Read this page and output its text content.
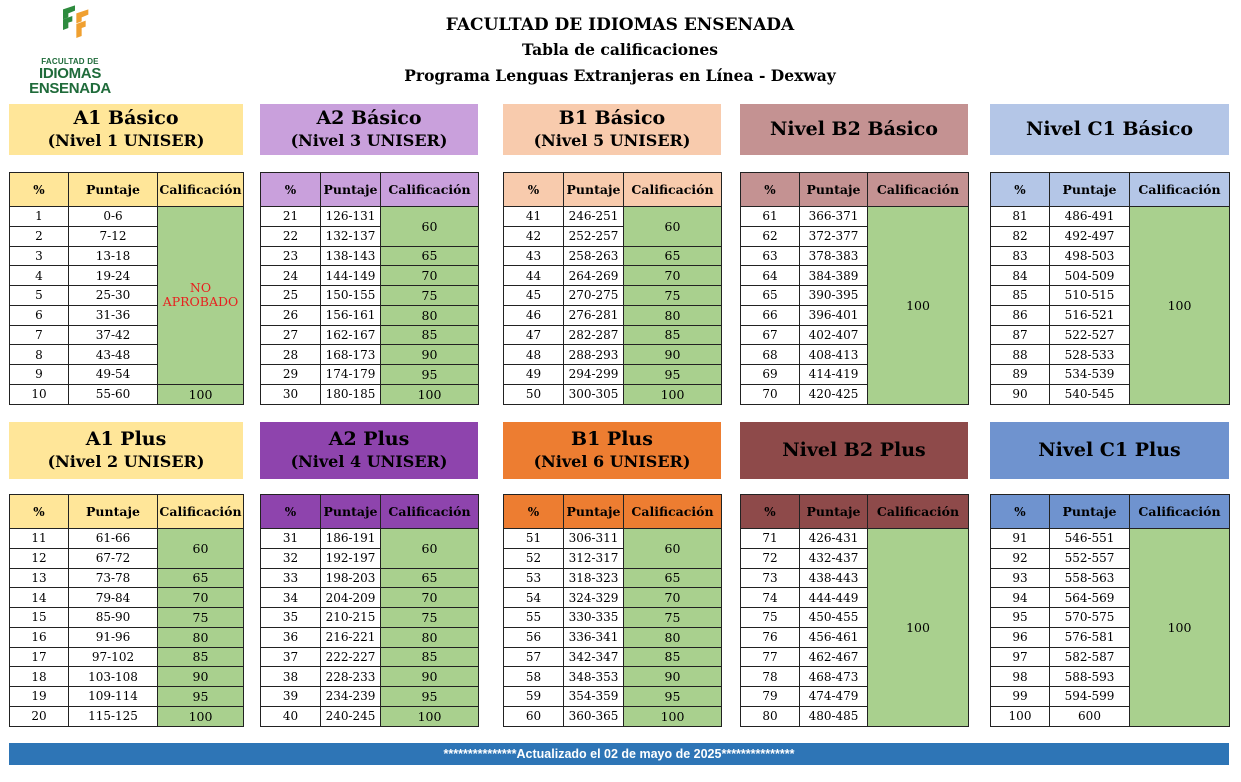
FACULTAD DE
IDIOMAS
ENSENADA
FACULTAD DE IDIOMAS ENSENADA
Tabla de calificaciones
Programa Lenguas Extranjeras en Línea - Dexway
A1 Básico
(Nivel 1 UNISER)
%	Puntaje	Calificación
1	0-6	NO APROBADO
2	7-12	
3	13-18	
4	19-24	
5	25-30	
6	31-36	
7	37-42	
8	43-48	
9	49-54	
10	55-60	100
A2 Básico
(Nivel 3 UNISER)
%	Puntaje	Calificación
21	126-131	60
22	132-137	
23	138-143	65
24	144-149	70
25	150-155	75
26	156-161	80
27	162-167	85
28	168-173	90
29	174-179	95
30	180-185	100
B1 Básico
(Nivel 5 UNISER)
%	Puntaje	Calificación
41	246-251	60
42	252-257	
43	258-263	65
44	264-269	70
45	270-275	75
46	276-281	80
47	282-287	85
48	288-293	90
49	294-299	95
50	300-305	100
Nivel B2 Básico
%	Puntaje	Calificación
61	366-371	100
62	372-377	
63	378-383	
64	384-389	
65	390-395	
66	396-401	
67	402-407	
68	408-413	
69	414-419	
70	420-425	
Nivel C1 Básico
%	Puntaje	Calificación
81	486-491	100
82	492-497	
83	498-503	
84	504-509	
85	510-515	
86	516-521	
87	522-527	
88	528-533	
89	534-539	
90	540-545	
A1 Plus
(Nivel 2 UNISER)
%	Puntaje	Calificación
11	61-66	60
12	67-72	
13	73-78	65
14	79-84	70
15	85-90	75
16	91-96	80
17	97-102	85
18	103-108	90
19	109-114	95
20	115-125	100
A2 Plus
(Nivel 4 UNISER)
%	Puntaje	Calificación
31	186-191	60
32	192-197	
33	198-203	65
34	204-209	70
35	210-215	75
36	216-221	80
37	222-227	85
38	228-233	90
39	234-239	95
40	240-245	100
B1 Plus
(Nivel 6 UNISER)
%	Puntaje	Calificación
51	306-311	60
52	312-317	
53	318-323	65
54	324-329	70
55	330-335	75
56	336-341	80
57	342-347	85
58	348-353	90
59	354-359	95
60	360-365	100
Nivel B2 Plus
%	Puntaje	Calificación
71	426-431	100
72	432-437	
73	438-443	
74	444-449	
75	450-455	
76	456-461	
77	462-467	
78	468-473	
79	474-479	
80	480-485	
Nivel C1 Plus
%	Puntaje	Calificación
91	546-551	100
92	552-557	
93	558-563	
94	564-569	
95	570-575	
96	576-581	
97	582-587	
98	588-593	
99	594-599	
100	600	
***************Actualizado el 02 de mayo de 2025***************
